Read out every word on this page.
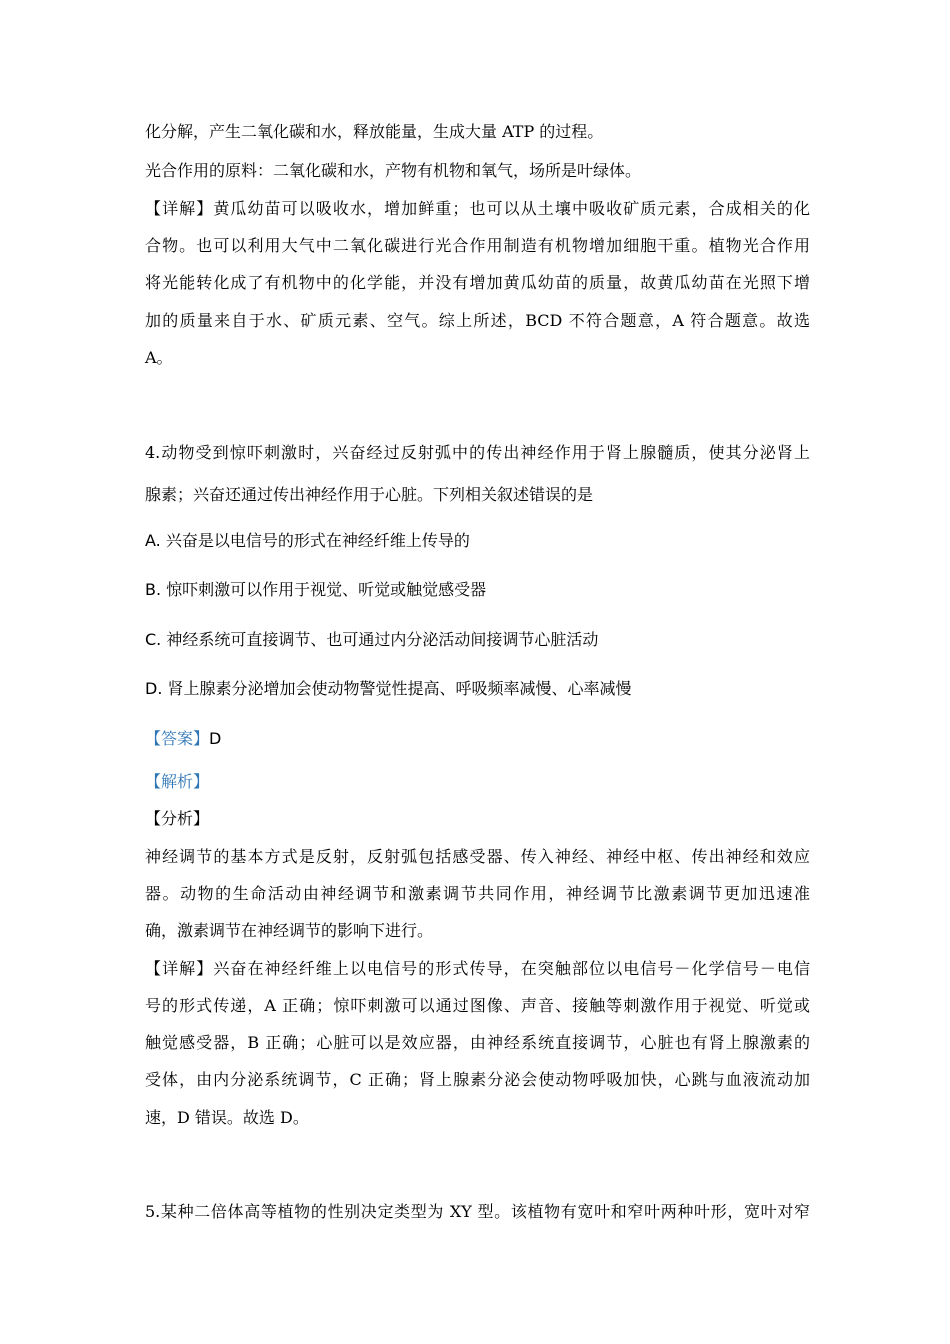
化分解，产生二氧化碳和水，释放能量，生成大量 ATP 的过程。
光合作用的原料：二氧化碳和水，产物有机物和氧气，场所是叶绿体。
【详解】黄瓜幼苗可以吸收水，增加鲜重；也可以从土壤中吸收矿质元素，合成相关的化
合物。也可以利用大气中二氧化碳进行光合作用制造有机物增加细胞干重。植物光合作用
将光能转化成了有机物中的化学能，并没有增加黄瓜幼苗的质量，故黄瓜幼苗在光照下增
加的质量来自于水、矿质元素、空气。综上所述，BCD 不符合题意，A 符合题意。故选
A。
4.动物受到惊吓刺激时，兴奋经过反射弧中的传出神经作用于肾上腺髓质，使其分泌肾上
腺素；兴奋还通过传出神经作用于心脏。下列相关叙述错误的是
A. 兴奋是以电信号的形式在神经纤维上传导的
B. 惊吓刺激可以作用于视觉、听觉或触觉感受器
C. 神经系统可直接调节、也可通过内分泌活动间接调节心脏活动
D. 肾上腺素分泌增加会使动物警觉性提高、呼吸频率减慢、心率减慢
【答案】D
【解析】
【分析】
神经调节的基本方式是反射，反射弧包括感受器、传入神经、神经中枢、传出神经和效应
器。动物的生命活动由神经调节和激素调节共同作用，神经调节比激素调节更加迅速准
确，激素调节在神经调节的影响下进行。
【详解】兴奋在神经纤维上以电信号的形式传导，在突触部位以电信号－化学信号－电信
号的形式传递，A 正确；惊吓刺激可以通过图像、声音、接触等刺激作用于视觉、听觉或
触觉感受器，B 正确；心脏可以是效应器，由神经系统直接调节，心脏也有肾上腺激素的
受体，由内分泌系统调节，C 正确；肾上腺素分泌会使动物呼吸加快，心跳与血液流动加
速，D 错误。故选 D。
5.某种二倍体高等植物的性别决定类型为 XY 型。该植物有宽叶和窄叶两种叶形，宽叶对窄
